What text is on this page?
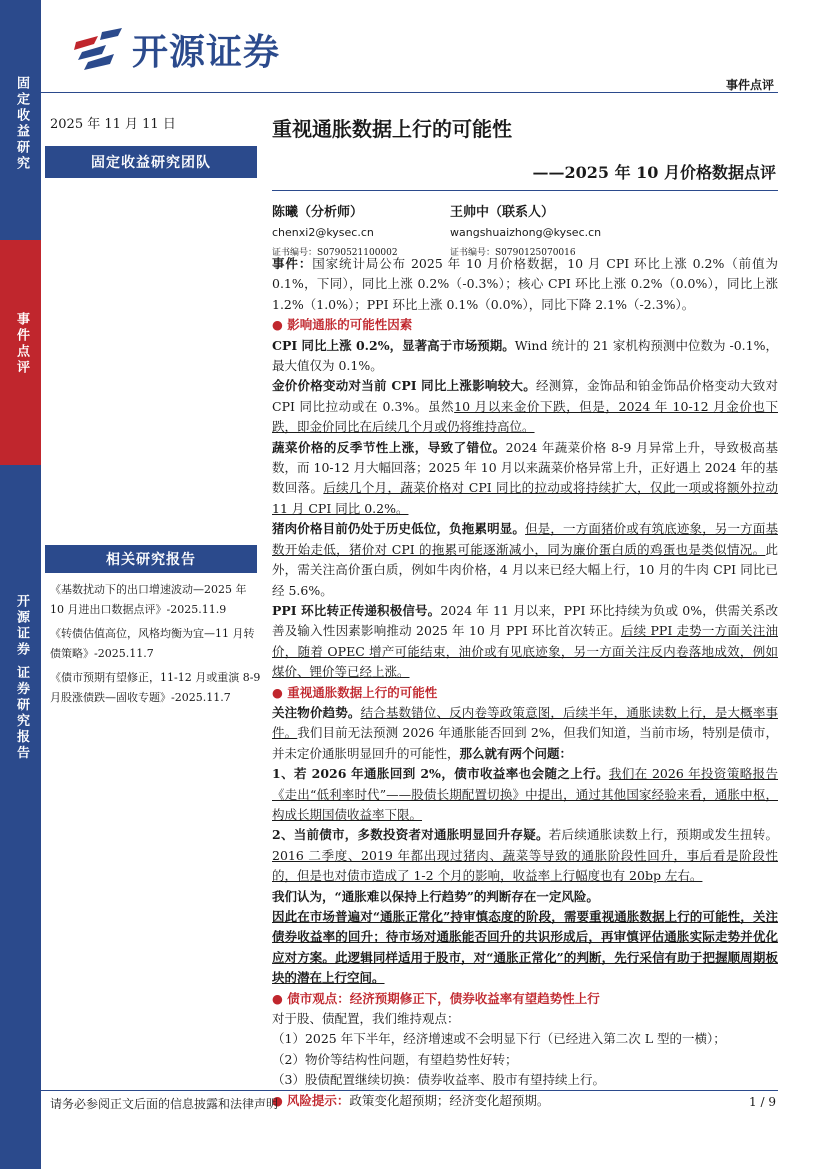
固定收益研究
事件点评
开源证券 证券研究报告
开源证券
事件点评
2025 年 11 月 11 日
固定收益研究团队
重视通胀数据上行的可能性
——2025 年 10 月价格数据点评
陈曦（分析师）
chenxi2@kysec.cn
证书编号：S0790521100002
王帅中（联系人）
wangshuaizhong@kysec.cn
证书编号：S0790125070016
相关研究报告

《基数扰动下的出口增速波动—2025 年 10 月进出口数据点评》-2025.11.9

《转债估值高位，风格均衡为宜—11 月转债策略》-2025.11.7

《债市预期有望修正，11-12 月或重演 8-9 月股涨债跌—固收专题》-2025.11.7

事件：国家统计局公布 2025 年 10 月价格数据，10 月 CPI 环比上涨 0.2%（前值为 0.1%，下同），同比上涨 0.2%（-0.3%）；核心 CPI 环比上涨 0.2%（0.0%），同比上涨 1.2%（1.0%）；PPI 环比上涨 0.1%（0.0%），同比下降 2.1%（-2.3%）。

● 影响通胀的可能性因素

CPI 同比上涨 0.2%，显著高于市场预期。Wind 统计的 21 家机构预测中位数为 -0.1%，最大值仅为 0.1%。

金价价格变动对当前 CPI 同比上涨影响较大。经测算，金饰品和铂金饰品价格变动大致对 CPI 同比拉动或在 0.3%。虽然10 月以来金价下跌，但是，2024 年 10-12 月金价也下跌，即金价同比在后续几个月或仍将维持高位。

蔬菜价格的反季节性上涨，导致了错位。2024 年蔬菜价格 8-9 月异常上升，导致极高基数，而 10-12 月大幅回落；2025 年 10 月以来蔬菜价格异常上升，正好遇上 2024 年的基数回落。后续几个月，蔬菜价格对 CPI 同比的拉动或将持续扩大，仅此一项或将额外拉动 11 月 CPI 同比 0.2%。

猪肉价格目前仍处于历史低位，负拖累明显。但是，一方面猪价或有筑底迹象，另一方面基数开始走低，猪价对 CPI 的拖累可能逐渐减小，同为廉价蛋白质的鸡蛋也是类似情况。此外，需关注高价蛋白质，例如牛肉价格，4 月以来已经大幅上行，10 月的牛肉 CPI 同比已经 5.6%。

PPI 环比转正传递积极信号。2024 年 11 月以来，PPI 环比持续为负或 0%，供需关系改善及输入性因素影响推动 2025 年 10 月 PPI 环比首次转正。后续 PPI 走势一方面关注油价，随着 OPEC 增产可能结束，油价或有见底迹象，另一方面关注反内卷落地成效，例如煤价、锂价等已经上涨。

● 重视通胀数据上行的可能性

关注物价趋势。结合基数错位、反内卷等政策意图，后续半年，通胀读数上行，是大概率事件。我们目前无法预测 2026 年通胀能否回到 2%，但我们知道，当前市场，特别是债市，并未定价通胀明显回升的可能性，那么就有两个问题：

1、若 2026 年通胀回到 2%，债市收益率也会随之上行。我们在 2026 年投资策略报告《走出“低利率时代”——股债长期配置切换》中提出，通过其他国家经验来看，通胀中枢，构成长期国债收益率下限。

2、当前债市，多数投资者对通胀明显回升存疑。若后续通胀读数上行，预期或发生扭转。2016 二季度、2019 年都出现过猪肉、蔬菜等导致的通胀阶段性回升，事后看是阶段性的，但是也对债市造成了 1-2 个月的影响，收益率上行幅度也有 20bp 左右。

我们认为，“通胀难以保持上行趋势”的判断存在一定风险。

因此在市场普遍对“通胀正常化”持审慎态度的阶段，需要重视通胀数据上行的可能性，关注债券收益率的回升；待市场对通胀能否回升的共识形成后，再审慎评估通胀实际走势并优化应对方案。此逻辑同样适用于股市，对“通胀正常化”的判断，先行采信有助于把握顺周期板块的潜在上行空间。

● 债市观点：经济预期修正下，债券收益率有望趋势性上行

对于股、债配置，我们维持观点：

（1）2025 年下半年，经济增速或不会明显下行（已经进入第二次 L 型的一横）；

（2）物价等结构性问题，有望趋势性好转；

（3）股债配置继续切换：债券收益率、股市有望持续上行。

● 风险提示：政策变化超预期；经济变化超预期。

请务必参阅正文后面的信息披露和法律声明	1 / 9
